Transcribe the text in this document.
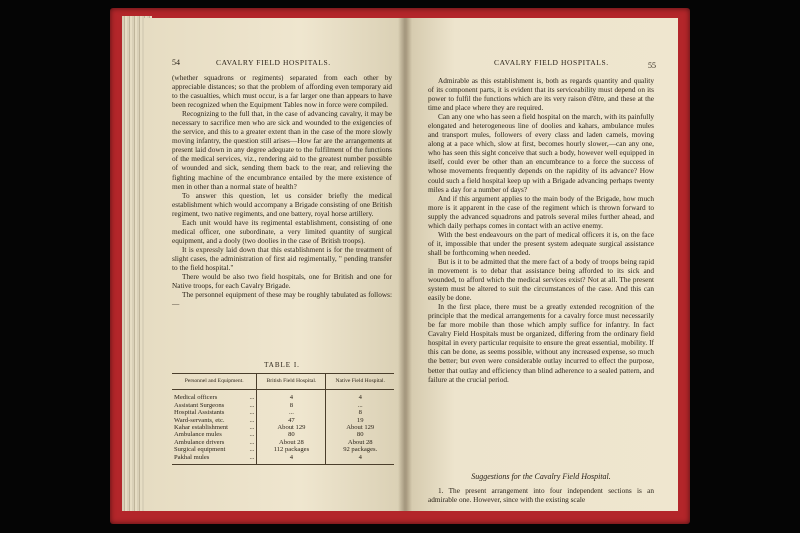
54	CAVALRY FIELD HOSPITALS.

(whether squadrons or regiments) separated from each other by appreciable distances; so that the problem of affording even temporary aid to the casualties, which must occur, is a far larger one than appears to have been recognized when the Equipment Tables now in force were compiled.

Recognizing to the full that, in the case of advancing cavalry, it may be necessary to sacrifice men who are sick and wounded to the exigencies of the service, and this to a greater extent than in the case of the more slowly moving infantry, the question still arises—How far are the arrangements at present laid down in any degree adequate to the fulfilment of the functions of the medical services, viz., rendering aid to the greatest number possible of wounded and sick, sending them back to the rear, and relieving the fighting machine of the encumbrance entailed by the mere existence of men in other than a normal state of health?

To answer this question, let us consider briefly the medical establishment which would accompany a Brigade consisting of one British regiment, two native regiments, and one battery, royal horse artillery.

Each unit would have its regimental establishment, consisting of one medical officer, one subordinate, a very limited quantity of surgical equipment, and a dooly (two doolies in the case of British troops).

It is expressly laid down that this establishment is for the treatment of slight cases, the administration of first aid regimentally, " pending transfer to the field hospital."

There would be also two field hospitals, one for British and one for Native troops, for each Cavalry Brigade.

The personnel equipment of these may be roughly tabulated as follows:—

TABLE I.
Personnel and Equipment.		British Field Hospital.	Native Field Hospital.
Medical officers	...	4	4
Assistant Surgeons	...	8	...
Hospital Assistants	...	...	8
Ward-servants, etc.	...	47	19
Kahar establishment	...	About 129	About 129
Ambulance mules	...	80	80
Ambulance drivers	...	About 28	About 28
Surgical equipment	...	112 packages	92 packages.
Pakhal mules	...	4	4
CAVALRY FIELD HOSPITALS.	55

Admirable as this establishment is, both as regards quantity and quality of its component parts, it is evident that its serviceability must depend on its power to fulfil the functions which are its very raison d'être, and these at the time and place where they are required.

Can any one who has seen a field hospital on the march, with its painfully elongated and heterogeneous line of doolies and kahars, ambulance mules and transport mules, followers of every class and laden camels, moving along at a pace which, slow at first, becomes hourly slower,—can any one, who has seen this sight conceive that such a body, however well equipped in itself, could ever be other than an encumbrance to a force the success of whose movements frequently depends on the rapidity of its advance? How could such a field hospital keep up with a Brigade advancing perhaps twenty miles a day for a number of days?

And if this argument applies to the main body of the Brigade, how much more is it apparent in the case of the regiment which is thrown forward to supply the advanced squadrons and patrols several miles further ahead, and which daily perhaps comes in contact with an active enemy.

With the best endeavours on the part of medical officers it is, on the face of it, impossible that under the present system adequate surgical assistance shall be forthcoming when needed.

But is it to be admitted that the mere fact of a body of troops being rapid in movement is to debar that assistance being afforded to its sick and wounded, to afford which the medical services exist? Not at all. The present system must be altered to suit the circumstances of the case. And this can easily be done.

In the first place, there must be a greatly extended recognition of the principle that the medical arrangements for a cavalry force must necessarily be far more mobile than those which amply suffice for infantry. In fact Cavalry Field Hospitals must be organized, differing from the ordinary field hospital in every particular requisite to ensure the great essential, mobility. If this can be done, as seems possible, without any increased expense, so much the better; but even were considerable outlay incurred to effect the purpose, better that outlay and efficiency than blind adherence to a sealed pattern, and failure at the crucial period.

Suggestions for the Cavalry Field Hospital.

1. The present arrangement into four independent sections is an admirable one. However, since with the existing scale
